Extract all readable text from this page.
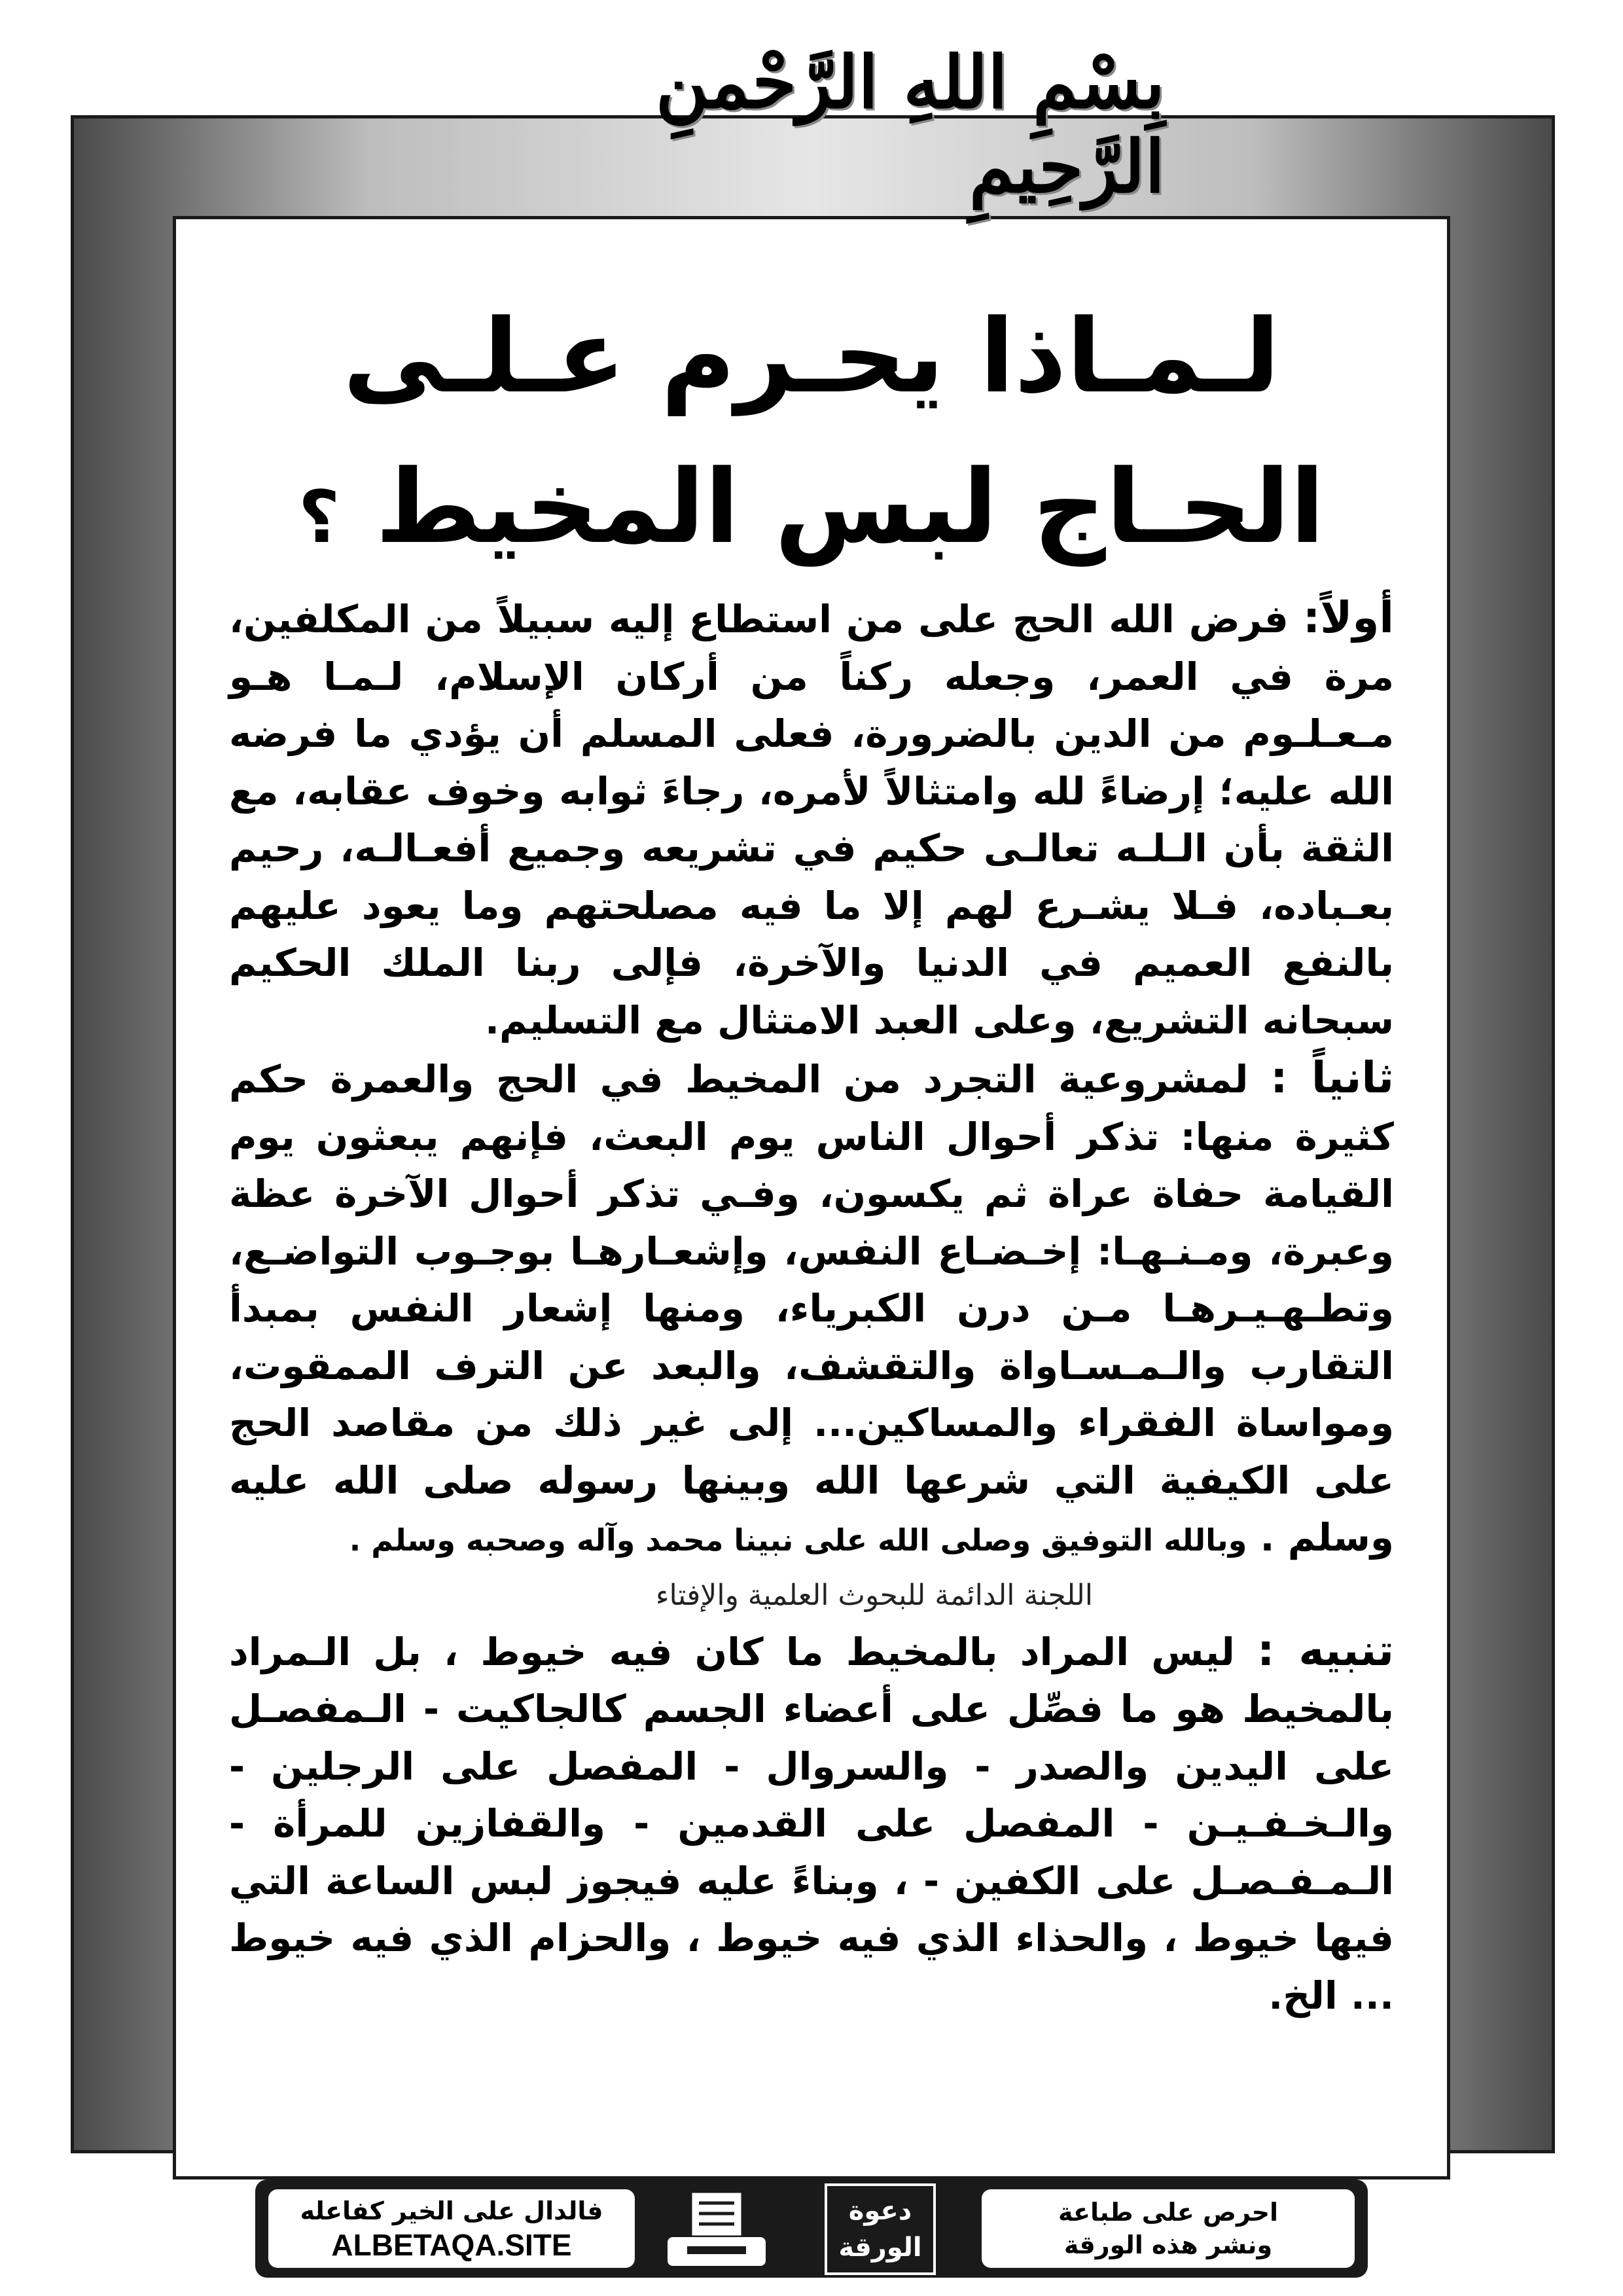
بِسْمِ اللهِ الرَّحْمنِ الرَّحِيمِ
لـمـاذا يحـرم عـلـى
الحـاج لبس المخيط ؟

أولاً: فرض الله الحج على من استطاع إليه سبيلاً من المكلفين، مرة في العمر، وجعله ركناً من أركان الإسلام، لـمـا هـو مـعـلـوم من الدين بالضرورة، فعلى المسلم أن يؤدي ما فرضه الله عليه؛ إرضاءً لله وامتثالاً لأمره، رجاءَ ثوابه وخوف عقابه، مع الثقة بأن الـلـه تعالـى حكيم في تشريعه وجميع أفعـالـه، رحيم بعـباده، فـلا يشـرع لهم إلا ما فيه مصلحتهم وما يعود عليهم بالنفع العميم في الدنيا والآخرة، فإلى ربنا الملك الحكيم سبحانه التشريع، وعلى العبد الامتثال مع التسليم.

ثانياً : لمشروعية التجرد من المخيط في الحج والعمرة حكم كثيرة منها: تذكر أحوال الناس يوم البعث، فإنهم يبعثون يوم القيامة حفاة عراة ثم يكسون، وفـي تذكر أحوال الآخرة عظة وعبرة، ومـنـهـا: إخـضـاع النفس، وإشعـارهـا بوجـوب التواضـع، وتطـهـيـرهـا مـن درن الكبرياء، ومنها إشعار النفس بمبدأ التقارب والـمـسـاواة والتقشف، والبعد عن الترف الممقوت، ومواساة الفقراء والمساكين... إلى غير ذلك من مقاصد الحج على الكيفية التي شرعها الله وبينها رسوله صلى الله عليه وسلم . وبالله التوفيق وصلى الله على نبينا محمد وآله وصحبه وسلم .

اللجنة الدائمة للبحوث العلمية والإفتاء

تنبيه : ليس المراد بالمخيط ما كان فيه خيوط ، بل الـمراد بالمخيط هو ما فصِّل على أعضاء الجسم كالجاكيت - الـمفصـل على اليدين والصدر - والسروال - المفصل على الرجلين - والـخـفـيـن - المفصل على القدمين - والقفازين للمرأة - الـمـفـصـل على الكفين - ، وبناءً عليه فيجوز لبس الساعة التي فيها خيوط ، والحذاء الذي فيه خيوط ، والحزام الذي فيه خيوط ... الخ.

فالدال على الخير كفاعله
ALBETAQA.SITE
دعوة
الورقة
احرص على طباعة
ونشر هذه الورقة
